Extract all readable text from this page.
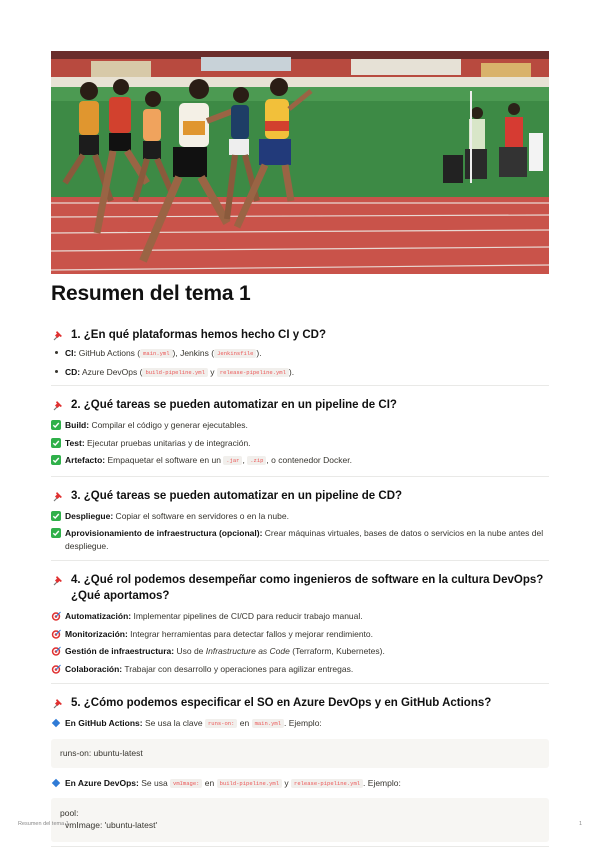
Resumen del tema 1
1. ¿En qué plataformas hemos hecho CI y CD?
CI: GitHub Actions ( main.yml ), Jenkins ( Jenkinsfile ).
CD: Azure DevOps ( build-pipeline.yml y release-pipeline.yml ).
2. ¿Qué tareas se pueden automatizar en un pipeline de CI?
Build: Compilar el código y generar ejecutables.
Test: Ejecutar pruebas unitarias y de integración.
Artefacto: Empaquetar el software en un .jar , .zip , o contenedor Docker.
3. ¿Qué tareas se pueden automatizar en un pipeline de CD?
Despliegue: Copiar el software en servidores o en la nube.
Aprovisionamiento de infraestructura (opcional): Crear máquinas virtuales, bases de datos o servicios en la nube antes del despliegue.
4. ¿Qué rol podemos desempeñar como ingenieros de software en la cultura DevOps? ¿Qué aportamos?
Automatización: Implementar pipelines de CI/CD para reducir trabajo manual.
Monitorización: Integrar herramientas para detectar fallos y mejorar rendimiento.
Gestión de infraestructura: Uso de Infrastructure as Code (Terraform, Kubernetes).
Colaboración: Trabajar con desarrollo y operaciones para agilizar entregas.
5. ¿Cómo podemos especificar el SO en Azure DevOps y en GitHub Actions?
En GitHub Actions: Se usa la clave runs-on: en main.yml . Ejemplo:
runs-on: ubuntu-latest
En Azure DevOps: Se usa vmImage: en build-pipeline.yml y release-pipeline.yml . Ejemplo:
pool:
vmImage: 'ubuntu-latest'
Resumen del tema 1	1
